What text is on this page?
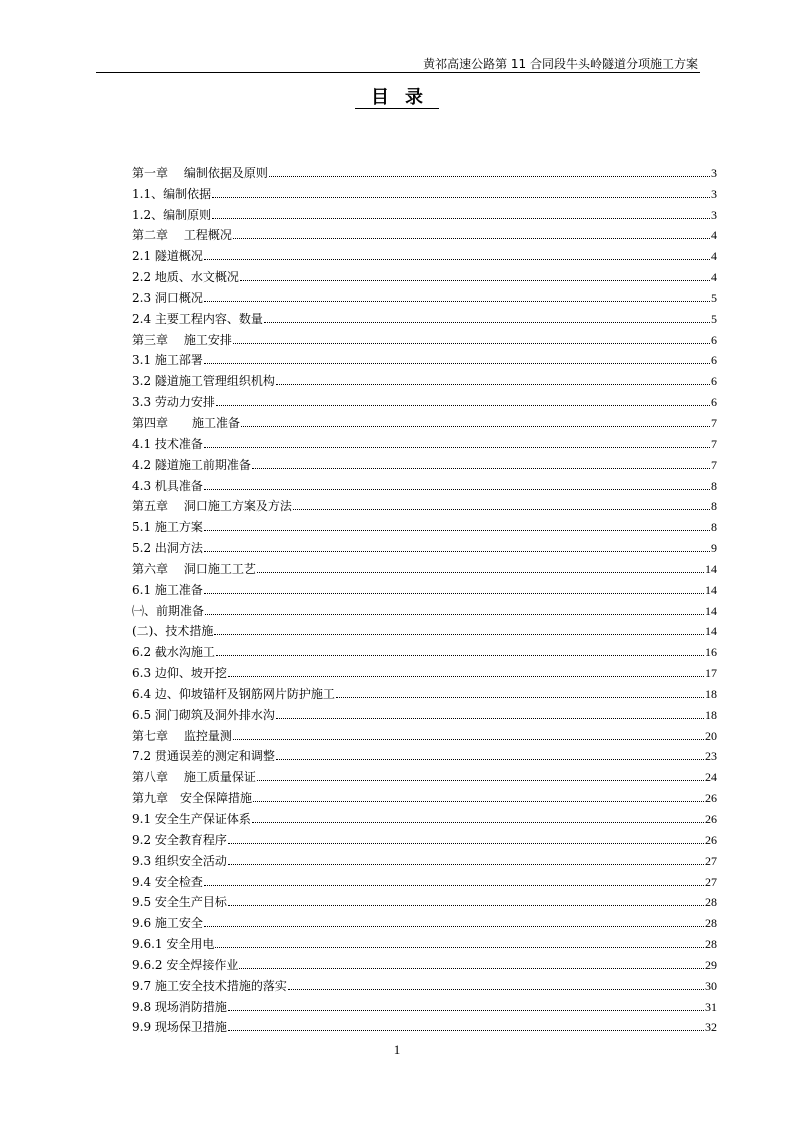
黄祁高速公路第 11 合同段牛头岭隧道分项施工方案
目录
第一章　 编制依据及原则	3
1.1、编制依据	3
1.2、编制原则	3
第二章　 工程概况	4
2.1 隧道概况	4
2.2 地质、水文概况	4
2.3 洞口概况	5
2.4 主要工程内容、数量	5
第三章　 施工安排	6
3.1 施工部署	6
3.2 隧道施工管理组织机构	6
3.3 劳动力安排	6
第四章　　施工准备	7
4.1 技术准备	7
4.2 隧道施工前期准备	7
4.3 机具准备	8
第五章　 洞口施工方案及方法	8
5.1 施工方案	8
5.2 出洞方法	9
第六章　 洞口施工工艺	14
6.1 施工准备	14
㈠、前期准备	14
(二)、技术措施	14
6.2 截水沟施工	16
6.3 边仰、坡开挖	17
6.4 边、仰坡锚杆及钢筋网片防护施工	18
6.5 洞门砌筑及洞外排水沟	18
第七章　 监控量测	20
7.2 贯通误差的测定和调整	23
第八章　 施工质量保证	24
第九章　安全保障措施	26
9.1 安全生产保证体系	26
9.2 安全教育程序	26
9.3 组织安全活动	27
9.4 安全检查	27
9.5 安全生产目标	28
9.6 施工安全	28
9.6.1 安全用电	28
9.6.2 安全焊接作业	29
9.7 施工安全技术措施的落实	30
9.8 现场消防措施	31
9.9 现场保卫措施	32
1
